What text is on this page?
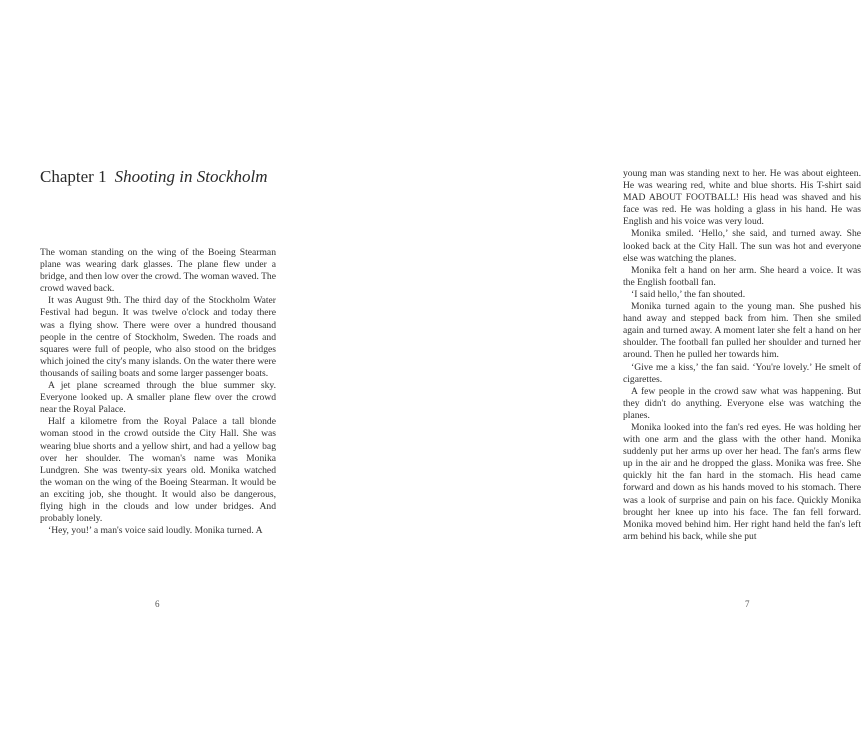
Chapter 1 Shooting in Stockholm

The woman standing on the wing of the Boeing Stearman plane was wearing dark glasses. The plane flew under a bridge, and then low over the crowd. The woman waved. The crowd waved back.

It was August 9th. The third day of the Stockholm Water Festival had begun. It was twelve o'clock and today there was a flying show. There were over a hundred thousand people in the centre of Stockholm, Sweden. The roads and squares were full of people, who also stood on the bridges which joined the city's many islands. On the water there were thousands of sailing boats and some larger passenger boats.

A jet plane screamed through the blue summer sky. Everyone looked up. A smaller plane flew over the crowd near the Royal Palace.

Half a kilometre from the Royal Palace a tall blonde woman stood in the crowd outside the City Hall. She was wearing blue shorts and a yellow shirt, and had a yellow bag over her shoulder. The woman's name was Monika Lundgren. She was twenty-six years old. Monika watched the woman on the wing of the Boeing Stearman. It would be an exciting job, she thought. It would also be dangerous, flying high in the clouds and low under bridges. And probably lonely.

‘Hey, you!’ a man's voice said loudly. Monika turned. A

6

young man was standing next to her. He was about eighteen. He was wearing red, white and blue shorts. His T-shirt said MAD ABOUT FOOTBALL! His head was shaved and his face was red. He was holding a glass in his hand. He was English and his voice was very loud.

Monika smiled. ‘Hello,’ she said, and turned away. She looked back at the City Hall. The sun was hot and everyone else was watching the planes.

Monika felt a hand on her arm. She heard a voice. It was the English football fan.

‘I said hello,’ the fan shouted.

Monika turned again to the young man. She pushed his hand away and stepped back from him. Then she smiled again and turned away. A moment later she felt a hand on her shoulder. The football fan pulled her shoulder and turned her around. Then he pulled her towards him.

‘Give me a kiss,’ the fan said. ‘You're lovely.’ He smelt of cigarettes.

A few people in the crowd saw what was happening. But they didn't do anything. Everyone else was watching the planes.

Monika looked into the fan's red eyes. He was holding her with one arm and the glass with the other hand. Monika suddenly put her arms up over her head. The fan's arms flew up in the air and he dropped the glass. Monika was free. She quickly hit the fan hard in the stomach. His head came forward and down as his hands moved to his stomach. There was a look of surprise and pain on his face. Quickly Monika brought her knee up into his face. The fan fell forward. Monika moved behind him. Her right hand held the fan's left arm behind his back, while she put

7
